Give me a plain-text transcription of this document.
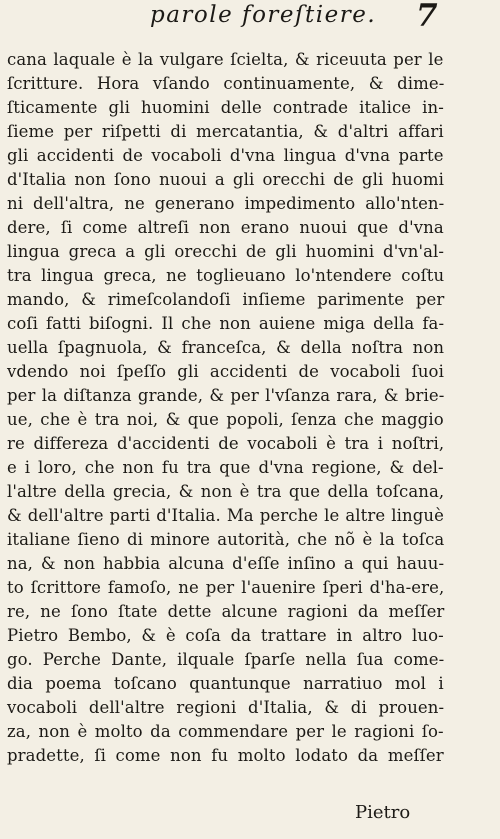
parole foreſtiere. 7
cana laquale è la vulgare ſcielta, & riceuuta per le
ſcritture. Hora vſando continuamente, & dime-
ſticamente gli huomini delle contrade italice in-
ſieme per riſpetti di mercatantia, & d'altri affari
gli accidenti de vocaboli d'vna lingua d'vna parte
d'Italia non ſono nuoui a gli orecchi de gli huomi
ni dell'altra, ne generano impedimento allo'nten-
dere, ſi come altreſi non erano nuoui que d'vna
lingua greca a gli orecchi de gli huomini d'vn'al-
tra lingua greca, ne toglieuano lo'ntendere coſtu
mando, & rimeſcolandoſi inſieme parimente per
coſi fatti biſogni. Il che non auiene miga della fa-
uella ſpagnuola, & franceſca, & della noſtra non
vdendo noi ſpeſſo gli accidenti de vocaboli ſuoi
per la diſtanza grande, & per l'vſanza rara, & brie-
ue, che è tra noi, & que popoli, ſenza che maggio
re differeza d'accidenti de vocaboli è tra i noſtri,
e i loro, che non fu tra que d'vna regione, & del-
l'altre della grecia, & non è tra que della toſcana,
& dell'altre parti d'Italia. Ma perche le altre linguè
italiane ſieno di minore autorità, che nõ è la toſca
na, & non habbia alcuna d'eſſe inſino a qui hauu-
to ſcrittore famoſo, ne per l'auenire ſperi d'ha-ere,
re, ne ſono ſtate dette alcune ragioni da meſſer
Pietro Bembo, & è coſa da trattare in altro luo-
go. Perche Dante, ilquale ſparſe nella ſua come-
dia poema toſcano quantunque narratiuo mol i
vocaboli dell'altre regioni d'Italia, & di prouen-
za, non è molto da commendare per le ragioni ſo-
pradette, ſi come non fu molto lodato da meſſer
Pietro
